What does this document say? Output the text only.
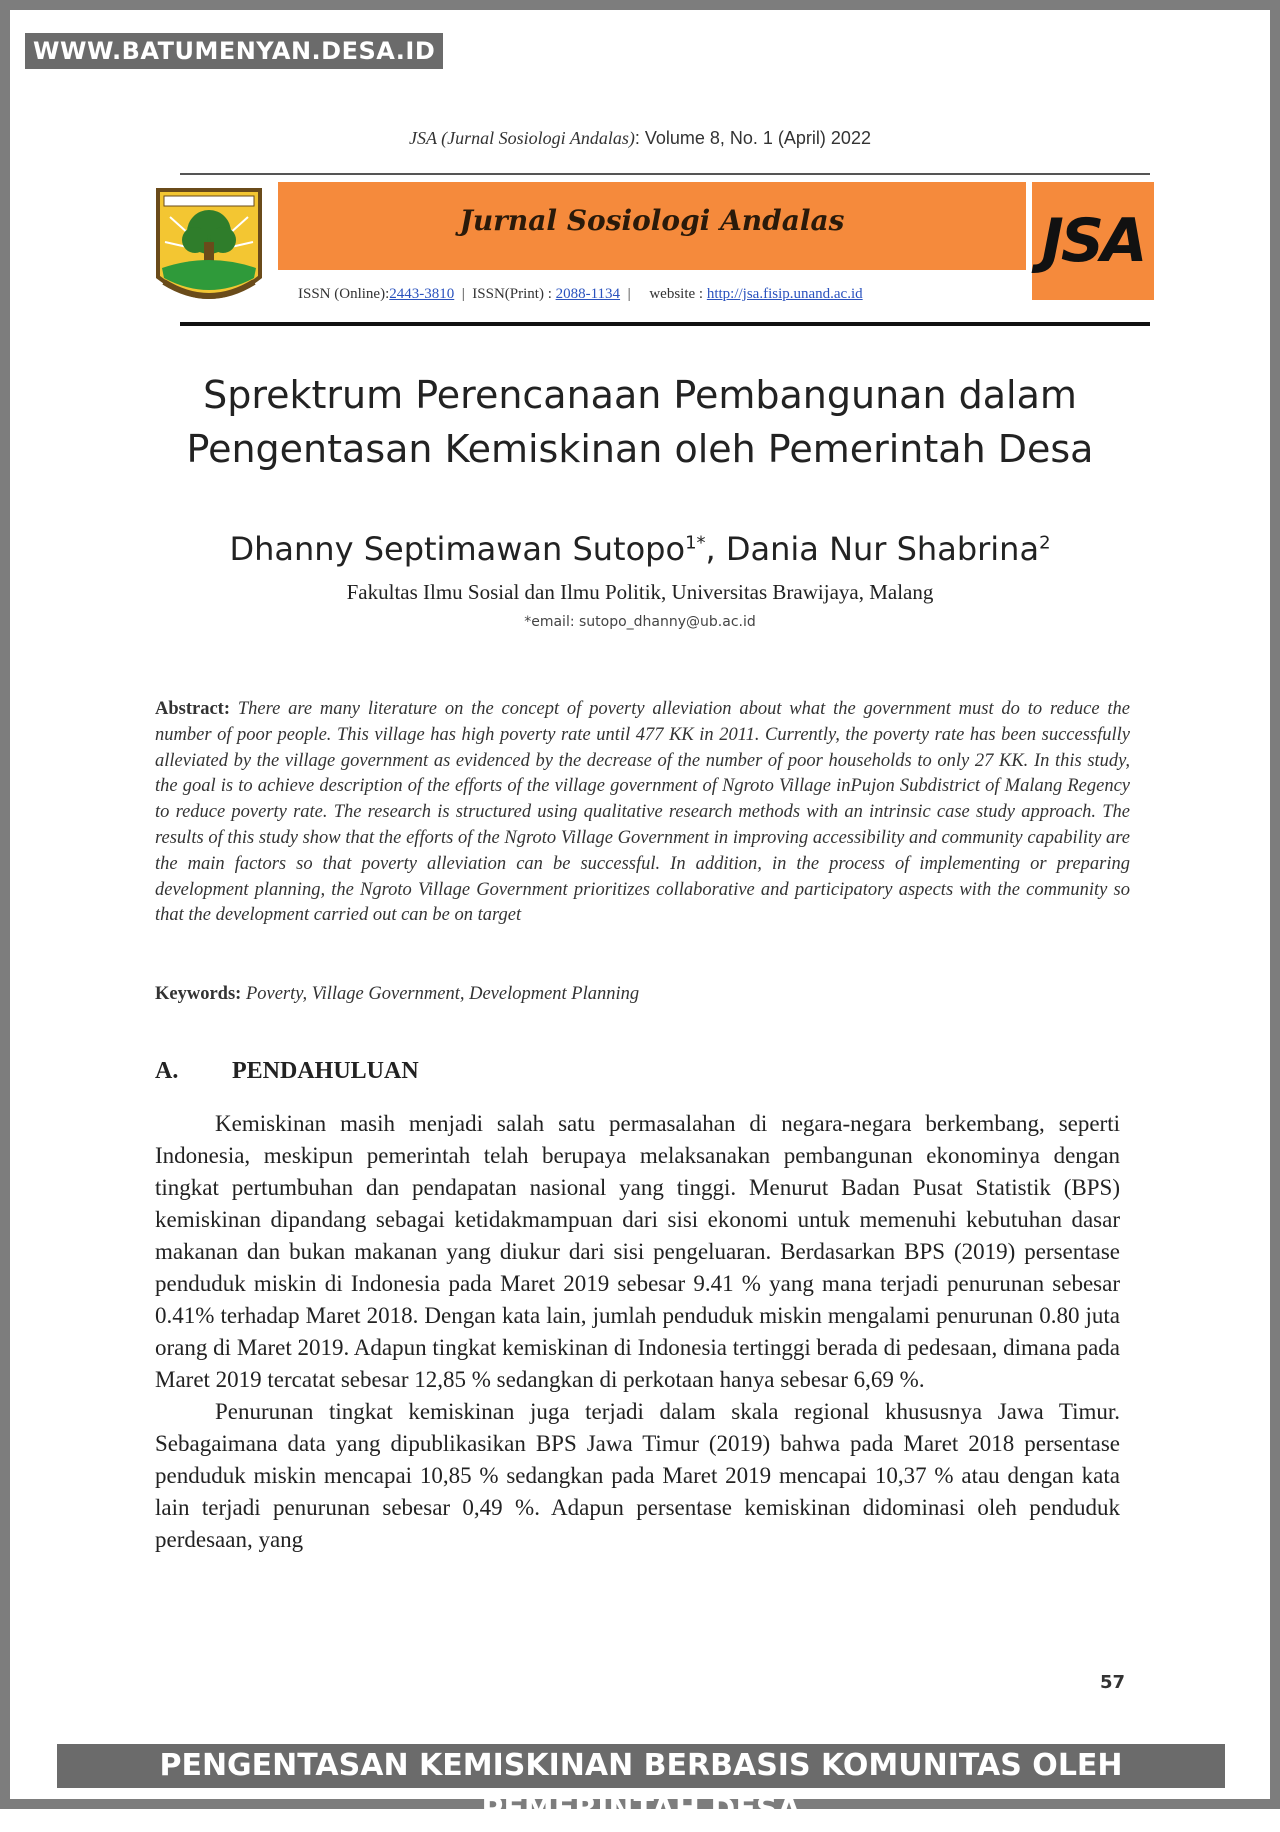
WWW.BATUMENYAN.DESA.ID
JSA (Jurnal Sosiologi Andalas): Volume 8, No. 1 (April) 2022
Jurnal Sosiologi Andalas
ISSN (Online):2443-3810  |  ISSN(Print) : 2088-1134  |     website : http://jsa.fisip.unand.ac.id
JSA
Sprektrum Perencanaan Pembangunan dalam
Pengentasan Kemiskinan oleh Pemerintah Desa
Dhanny Septimawan Sutopo$^{1*}$, Dania Nur Shabrina$^2$
Fakultas Ilmu Sosial dan Ilmu Politik, Universitas Brawijaya, Malang
*email: sutopo_dhanny@ub.ac.id
Abstract: There are many literature on the concept of poverty alleviation about what the government must do to reduce the number of poor people. This village has high poverty rate until 477 KK in 2011. Currently, the poverty rate has been successfully alleviated by the village government as evidenced by the decrease of the number of poor households to only 27 KK. In this study, the goal is to achieve description of the efforts of the village government of Ngroto Village inPujon Subdistrict of Malang Regency to reduce poverty rate. The research is structured using qualitative research methods with an intrinsic case study approach. The results of this study show that the efforts of the Ngroto Village Government in improving accessibility and community capability are the main factors so that poverty alleviation can be successful. In addition, in the process of implementing or preparing development planning, the Ngroto Village Government prioritizes collaborative and participatory aspects with the community so that the development carried out can be on target
Keywords: Poverty, Village Government, Development Planning
A. PENDAHULUAN

Kemiskinan masih menjadi salah satu permasalahan di negara-negara berkembang, seperti Indonesia, meskipun pemerintah telah berupaya melaksanakan pembangunan ekonominya dengan tingkat pertumbuhan dan pendapatan nasional yang tinggi. Menurut Badan Pusat Statistik (BPS) kemiskinan dipandang sebagai ketidakmampuan dari sisi ekonomi untuk memenuhi kebutuhan dasar makanan dan bukan makanan yang diukur dari sisi pengeluaran. Berdasarkan BPS (2019) persentase penduduk miskin di Indonesia pada Maret 2019 sebesar 9.41 % yang mana terjadi penurunan sebesar 0.41% terhadap Maret 2018. Dengan kata lain, jumlah penduduk miskin mengalami penurunan 0.80 juta orang di Maret 2019. Adapun tingkat kemiskinan di Indonesia tertinggi berada di pedesaan, dimana pada Maret 2019 tercatat sebesar 12,85 % sedangkan di perkotaan hanya sebesar 6,69 %.

Penurunan tingkat kemiskinan juga terjadi dalam skala regional khususnya Jawa Timur. Sebagaimana data yang dipublikasikan BPS Jawa Timur (2019) bahwa pada Maret 2018 persentase penduduk miskin mencapai 10,85 % sedangkan pada Maret 2019 mencapai 10,37 % atau dengan kata lain terjadi penurunan sebesar 0,49 %. Adapun persentase kemiskinan didominasi oleh penduduk perdesaan, yang

57
PENGENTASAN KEMISKINAN BERBASIS KOMUNITAS OLEH PEMERINTAH DESA
